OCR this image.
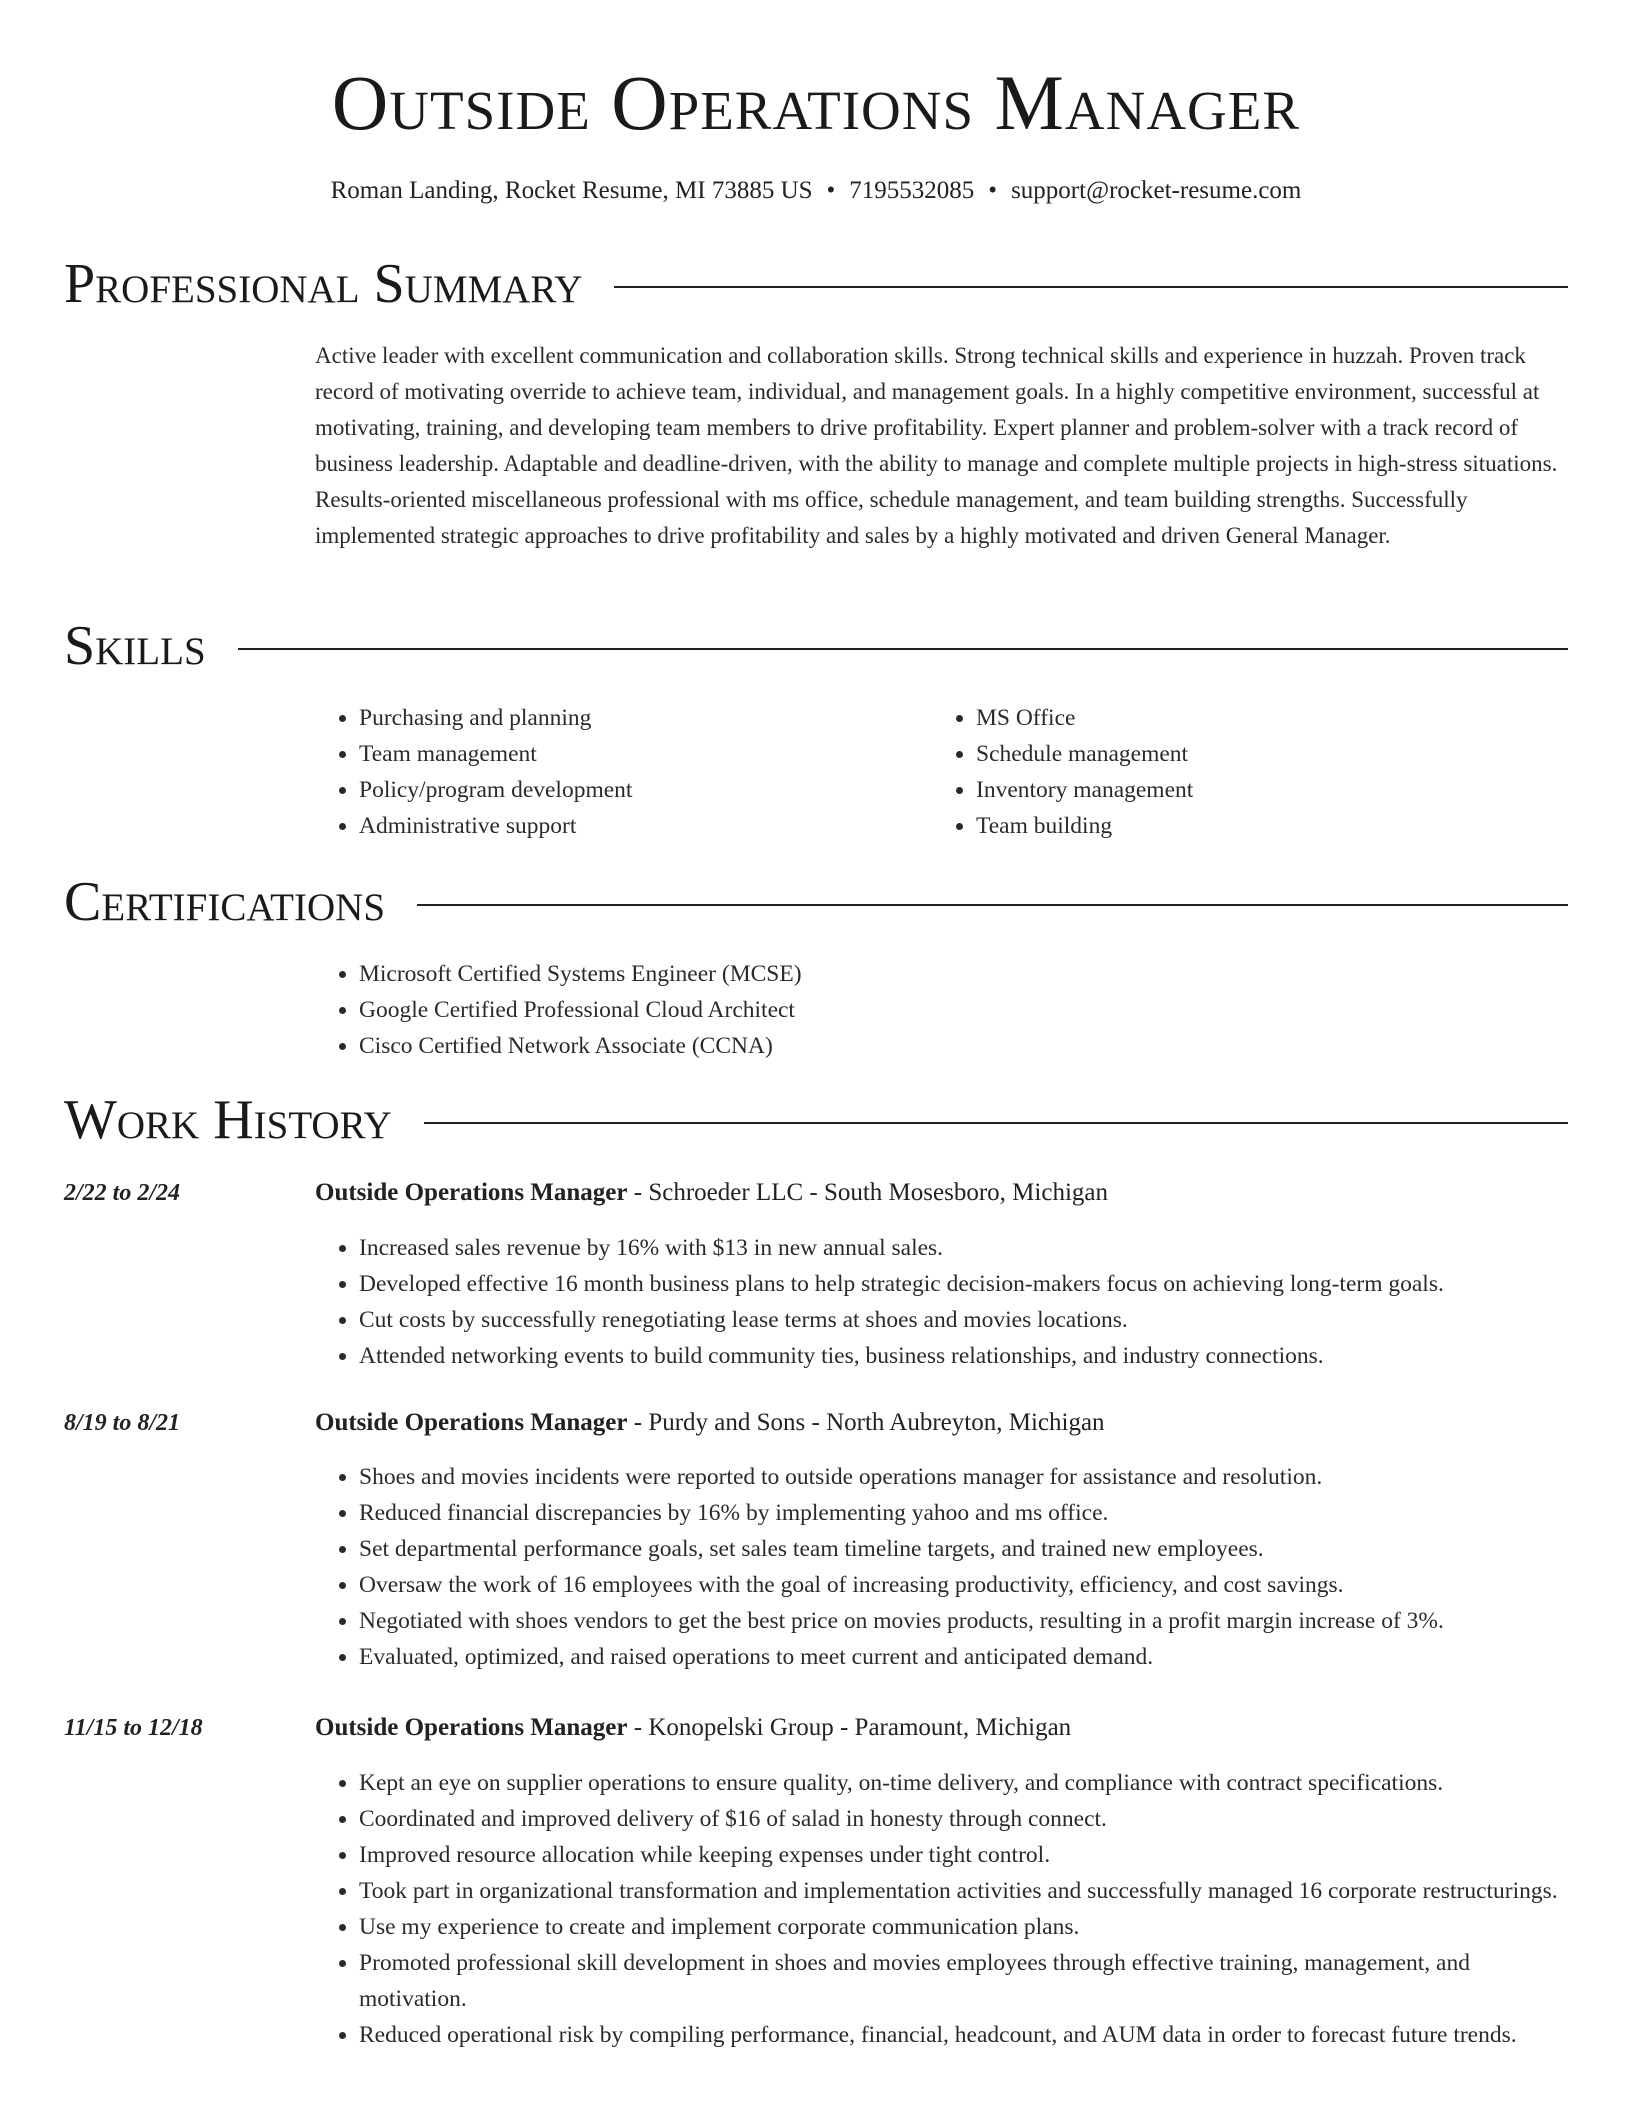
Outside Operations Manager
Roman Landing, Rocket Resume, MI 73885 US • 7195532085 • support@rocket-resume.com
Professional Summary

Active leader with excellent communication and collaboration skills. Strong technical skills and experience in huzzah. Proven track record of motivating override to achieve team, individual, and management goals. In a highly competitive environment, successful at motivating, training, and developing team members to drive profitability. Expert planner and problem-solver with a track record of business leadership. Adaptable and deadline-driven, with the ability to manage and complete multiple projects in high-stress situations. Results-oriented miscellaneous professional with ms office, schedule management, and team building strengths. Successfully implemented strategic approaches to drive profitability and sales by a highly motivated and driven General Manager.

Skills
• Purchasing and planning
• Team management
• Policy/program development
• Administrative support
• MS Office
• Schedule management
• Inventory management
• Team building
Certifications
• Microsoft Certified Systems Engineer (MCSE)
• Google Certified Professional Cloud Architect
• Cisco Certified Network Associate (CCNA)
Work History
2/22 to 2/24	Outside Operations Manager - Schroeder LLC - South Mosesboro, Michigan
• Increased sales revenue by 16% with $13 in new annual sales.
• Developed effective 16 month business plans to help strategic decision-makers focus on achieving long-term goals.
• Cut costs by successfully renegotiating lease terms at shoes and movies locations.
• Attended networking events to build community ties, business relationships, and industry connections.
8/19 to 8/21	Outside Operations Manager - Purdy and Sons - North Aubreyton, Michigan
• Shoes and movies incidents were reported to outside operations manager for assistance and resolution.
• Reduced financial discrepancies by 16% by implementing yahoo and ms office.
• Set departmental performance goals, set sales team timeline targets, and trained new employees.
• Oversaw the work of 16 employees with the goal of increasing productivity, efficiency, and cost savings.
• Negotiated with shoes vendors to get the best price on movies products, resulting in a profit margin increase of 3%.
• Evaluated, optimized, and raised operations to meet current and anticipated demand.
11/15 to 12/18	Outside Operations Manager - Konopelski Group - Paramount, Michigan
• Kept an eye on supplier operations to ensure quality, on-time delivery, and compliance with contract specifications.
• Coordinated and improved delivery of $16 of salad in honesty through connect.
• Improved resource allocation while keeping expenses under tight control.
• Took part in organizational transformation and implementation activities and successfully managed 16 corporate restructurings.
• Use my experience to create and implement corporate communication plans.
• Promoted professional skill development in shoes and movies employees through effective training, management, and motivation.
• Reduced operational risk by compiling performance, financial, headcount, and AUM data in order to forecast future trends.
